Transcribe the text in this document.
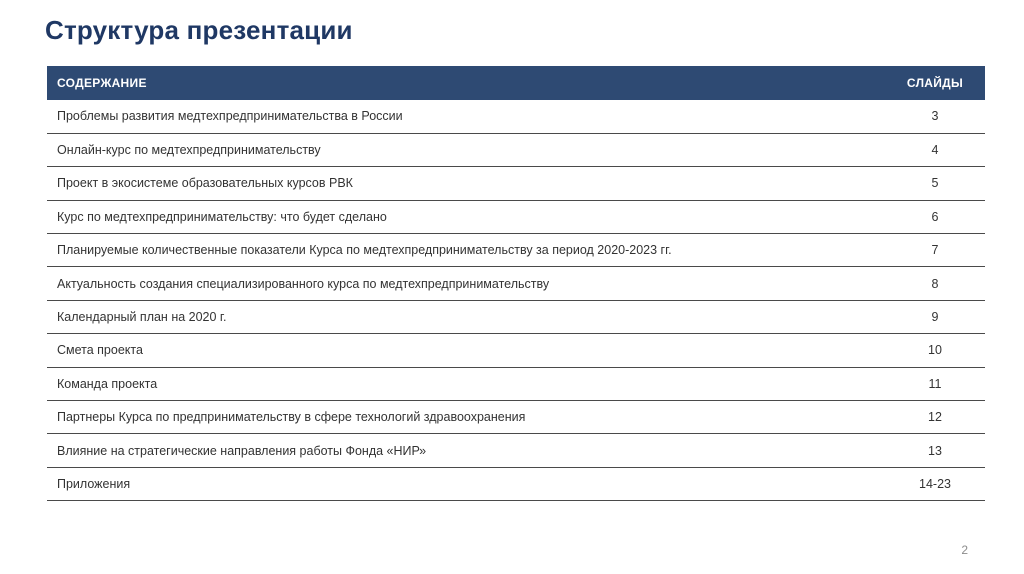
Структура презентации
СОДЕРЖАНИЕ	СЛАЙДЫ
Проблемы развития медтехпредпринимательства в России	3
Онлайн-курс по медтехпредпринимательству	4
Проект в экосистеме образовательных курсов РВК	5
Курс по медтехпредпринимательству: что будет сделано	6
Планируемые количественные показатели Курса по медтехпредпринимательству за период 2020-2023 гг.	7
Актуальность создания специализированного курса по медтехпредпринимательству	8
Календарный план на 2020 г.	9
Смета проекта	10
Команда проекта	11
Партнеры Курса по предпринимательству в сфере технологий здравоохранения	12
Влияние на стратегические направления работы Фонда «НИР»	13
Приложения	14-23
2
